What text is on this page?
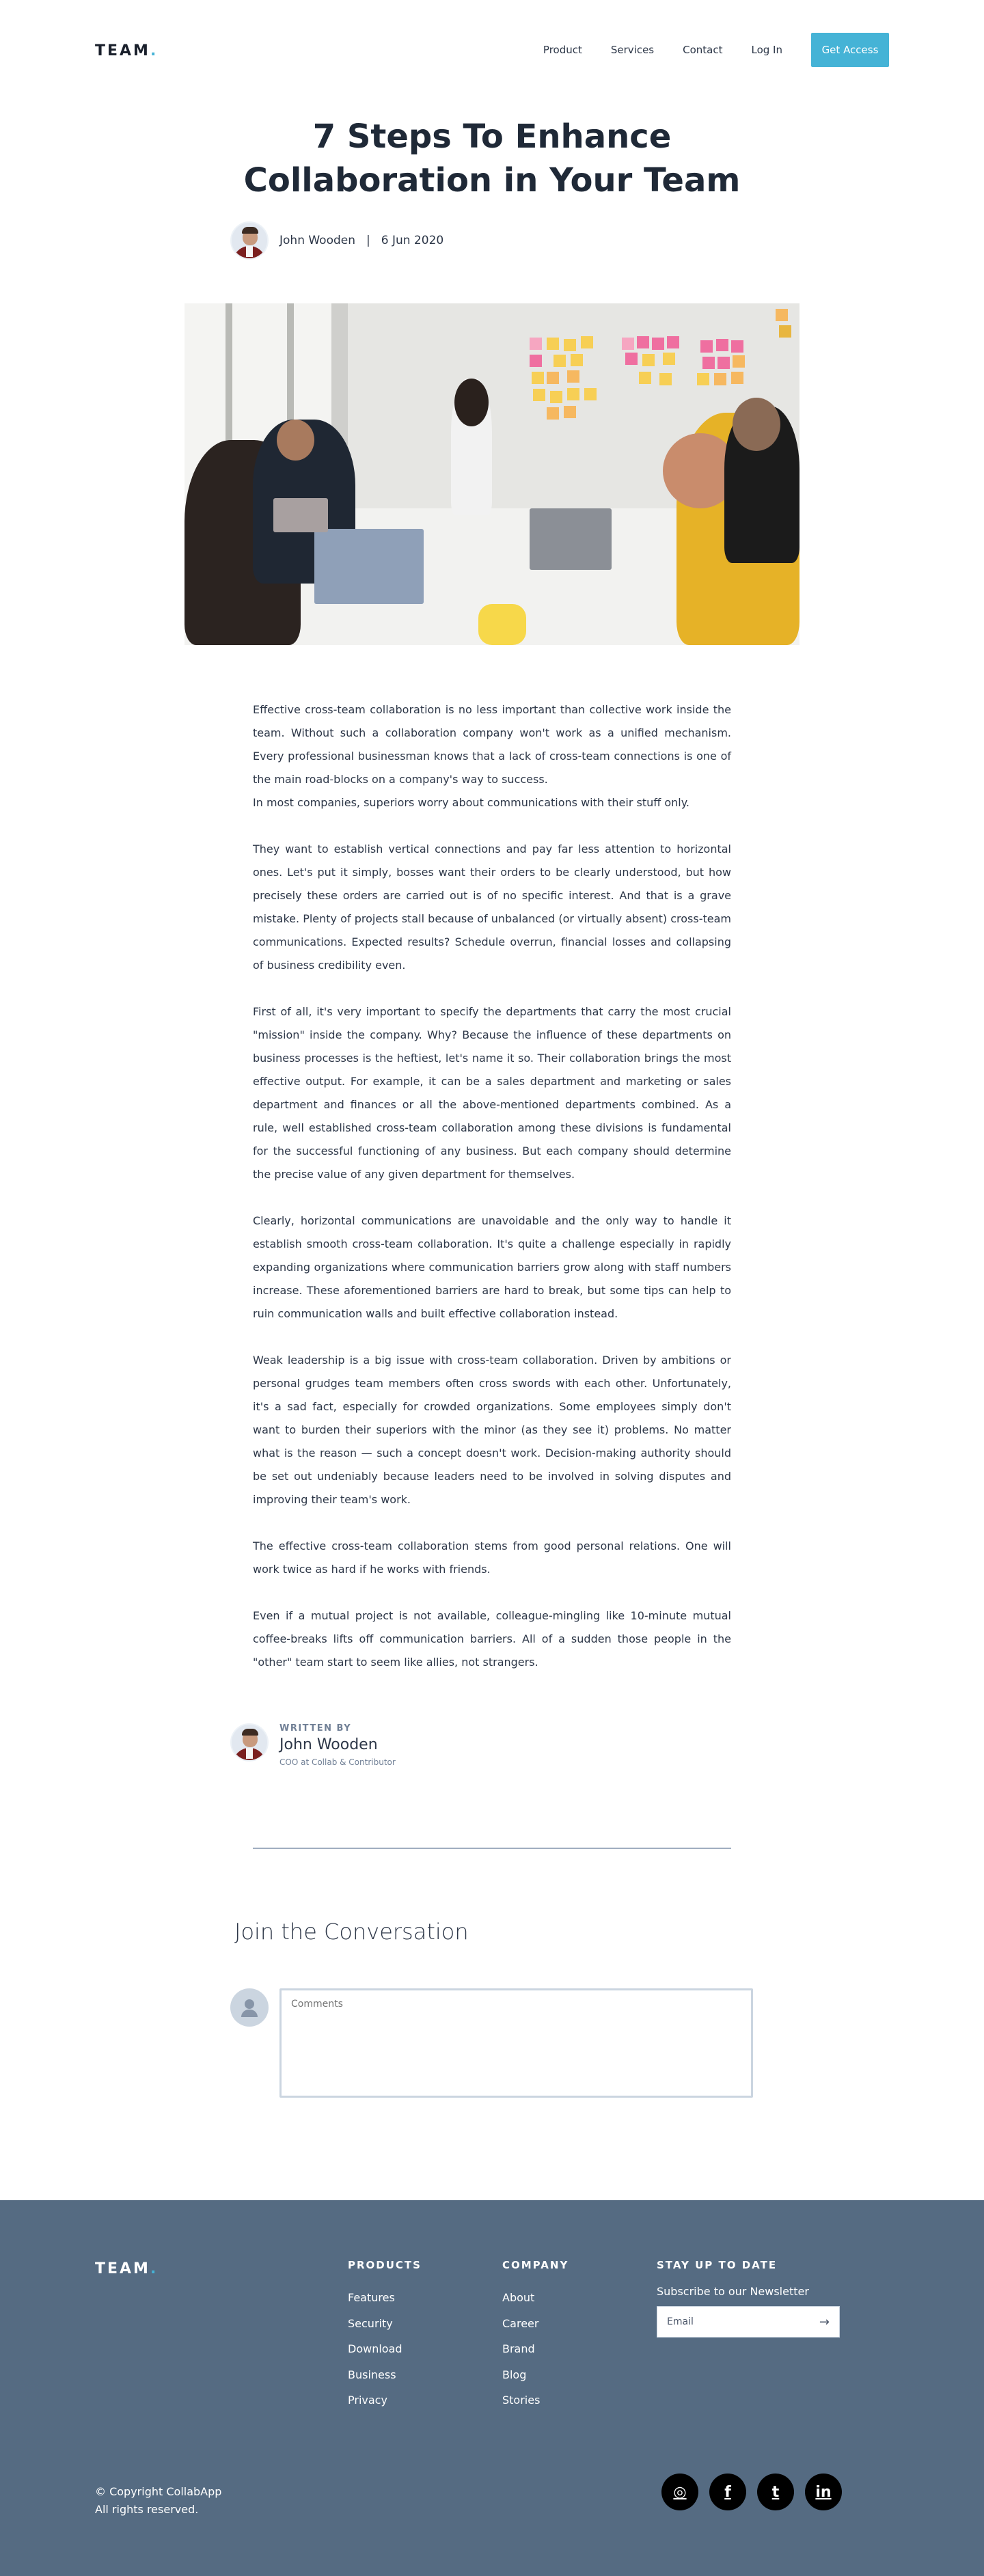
TEAM.	Product	Services	Contact	Log In	Get Access
7 Steps To Enhance
Collaboration in Your Team
John Wooden | 6 Jun 2020

Effective cross-team collaboration is no less important than collective work inside the team. Without such a collaboration company won't work as a unified mechanism. Every professional businessman knows that a lack of cross-team connections is one of the main road-blocks on a company's way to success.

In most companies, superiors worry about communications with their stuff only.

They want to establish vertical connections and pay far less attention to horizontal ones. Let's put it simply, bosses want their orders to be clearly understood, but how precisely these orders are carried out is of no specific interest. And that is a grave mistake. Plenty of projects stall because of unbalanced (or virtually absent) cross-team communications. Expected results? Schedule overrun, financial losses and collapsing of business credibility even.

First of all, it's very important to specify the departments that carry the most crucial "mission" inside the company. Why? Because the influence of these departments on business processes is the heftiest, let's name it so. Their collaboration brings the most effective output. For example, it can be a sales department and marketing or sales department and finances or all the above-mentioned departments combined. As a rule, well established cross-team collaboration among these divisions is fundamental for the successful functioning of any business. But each company should determine the precise value of any given department for themselves.

Clearly, horizontal communications are unavoidable and the only way to handle it establish smooth cross-team collaboration. It's quite a challenge especially in rapidly expanding organizations where communication barriers grow along with staff numbers increase. These aforementioned barriers are hard to break, but some tips can help to ruin communication walls and built effective collaboration instead.

Weak leadership is a big issue with cross-team collaboration. Driven by ambitions or personal grudges team members often cross swords with each other. Unfortunately, it's a sad fact, especially for crowded organizations. Some employees simply don't want to burden their superiors with the minor (as they see it) problems. No matter what is the reason — such a concept doesn't work. Decision-making authority should be set out undeniably because leaders need to be involved in solving disputes and improving their team's work.

The effective cross-team collaboration stems from good personal relations. One will work twice as hard if he works with friends.

Even if a mutual project is not available, colleague-mingling like 10-minute mutual coffee-breaks lifts off communication barriers. All of a sudden those people in the "other" team start to seem like allies, not strangers.

WRITTEN BY
John Wooden
COO at Collab & Contributor
Join the Conversation
Comments
TEAM.	PRODUCTS
Features
Security
Download
Business
Privacy
COMPANY
About
Career
Brand
Blog
Stories
STAY UP TO DATE
Subscribe to our Newsletter
Email	→
© Copyright CollabApp
All rights reserved.
◎	f	t	in
